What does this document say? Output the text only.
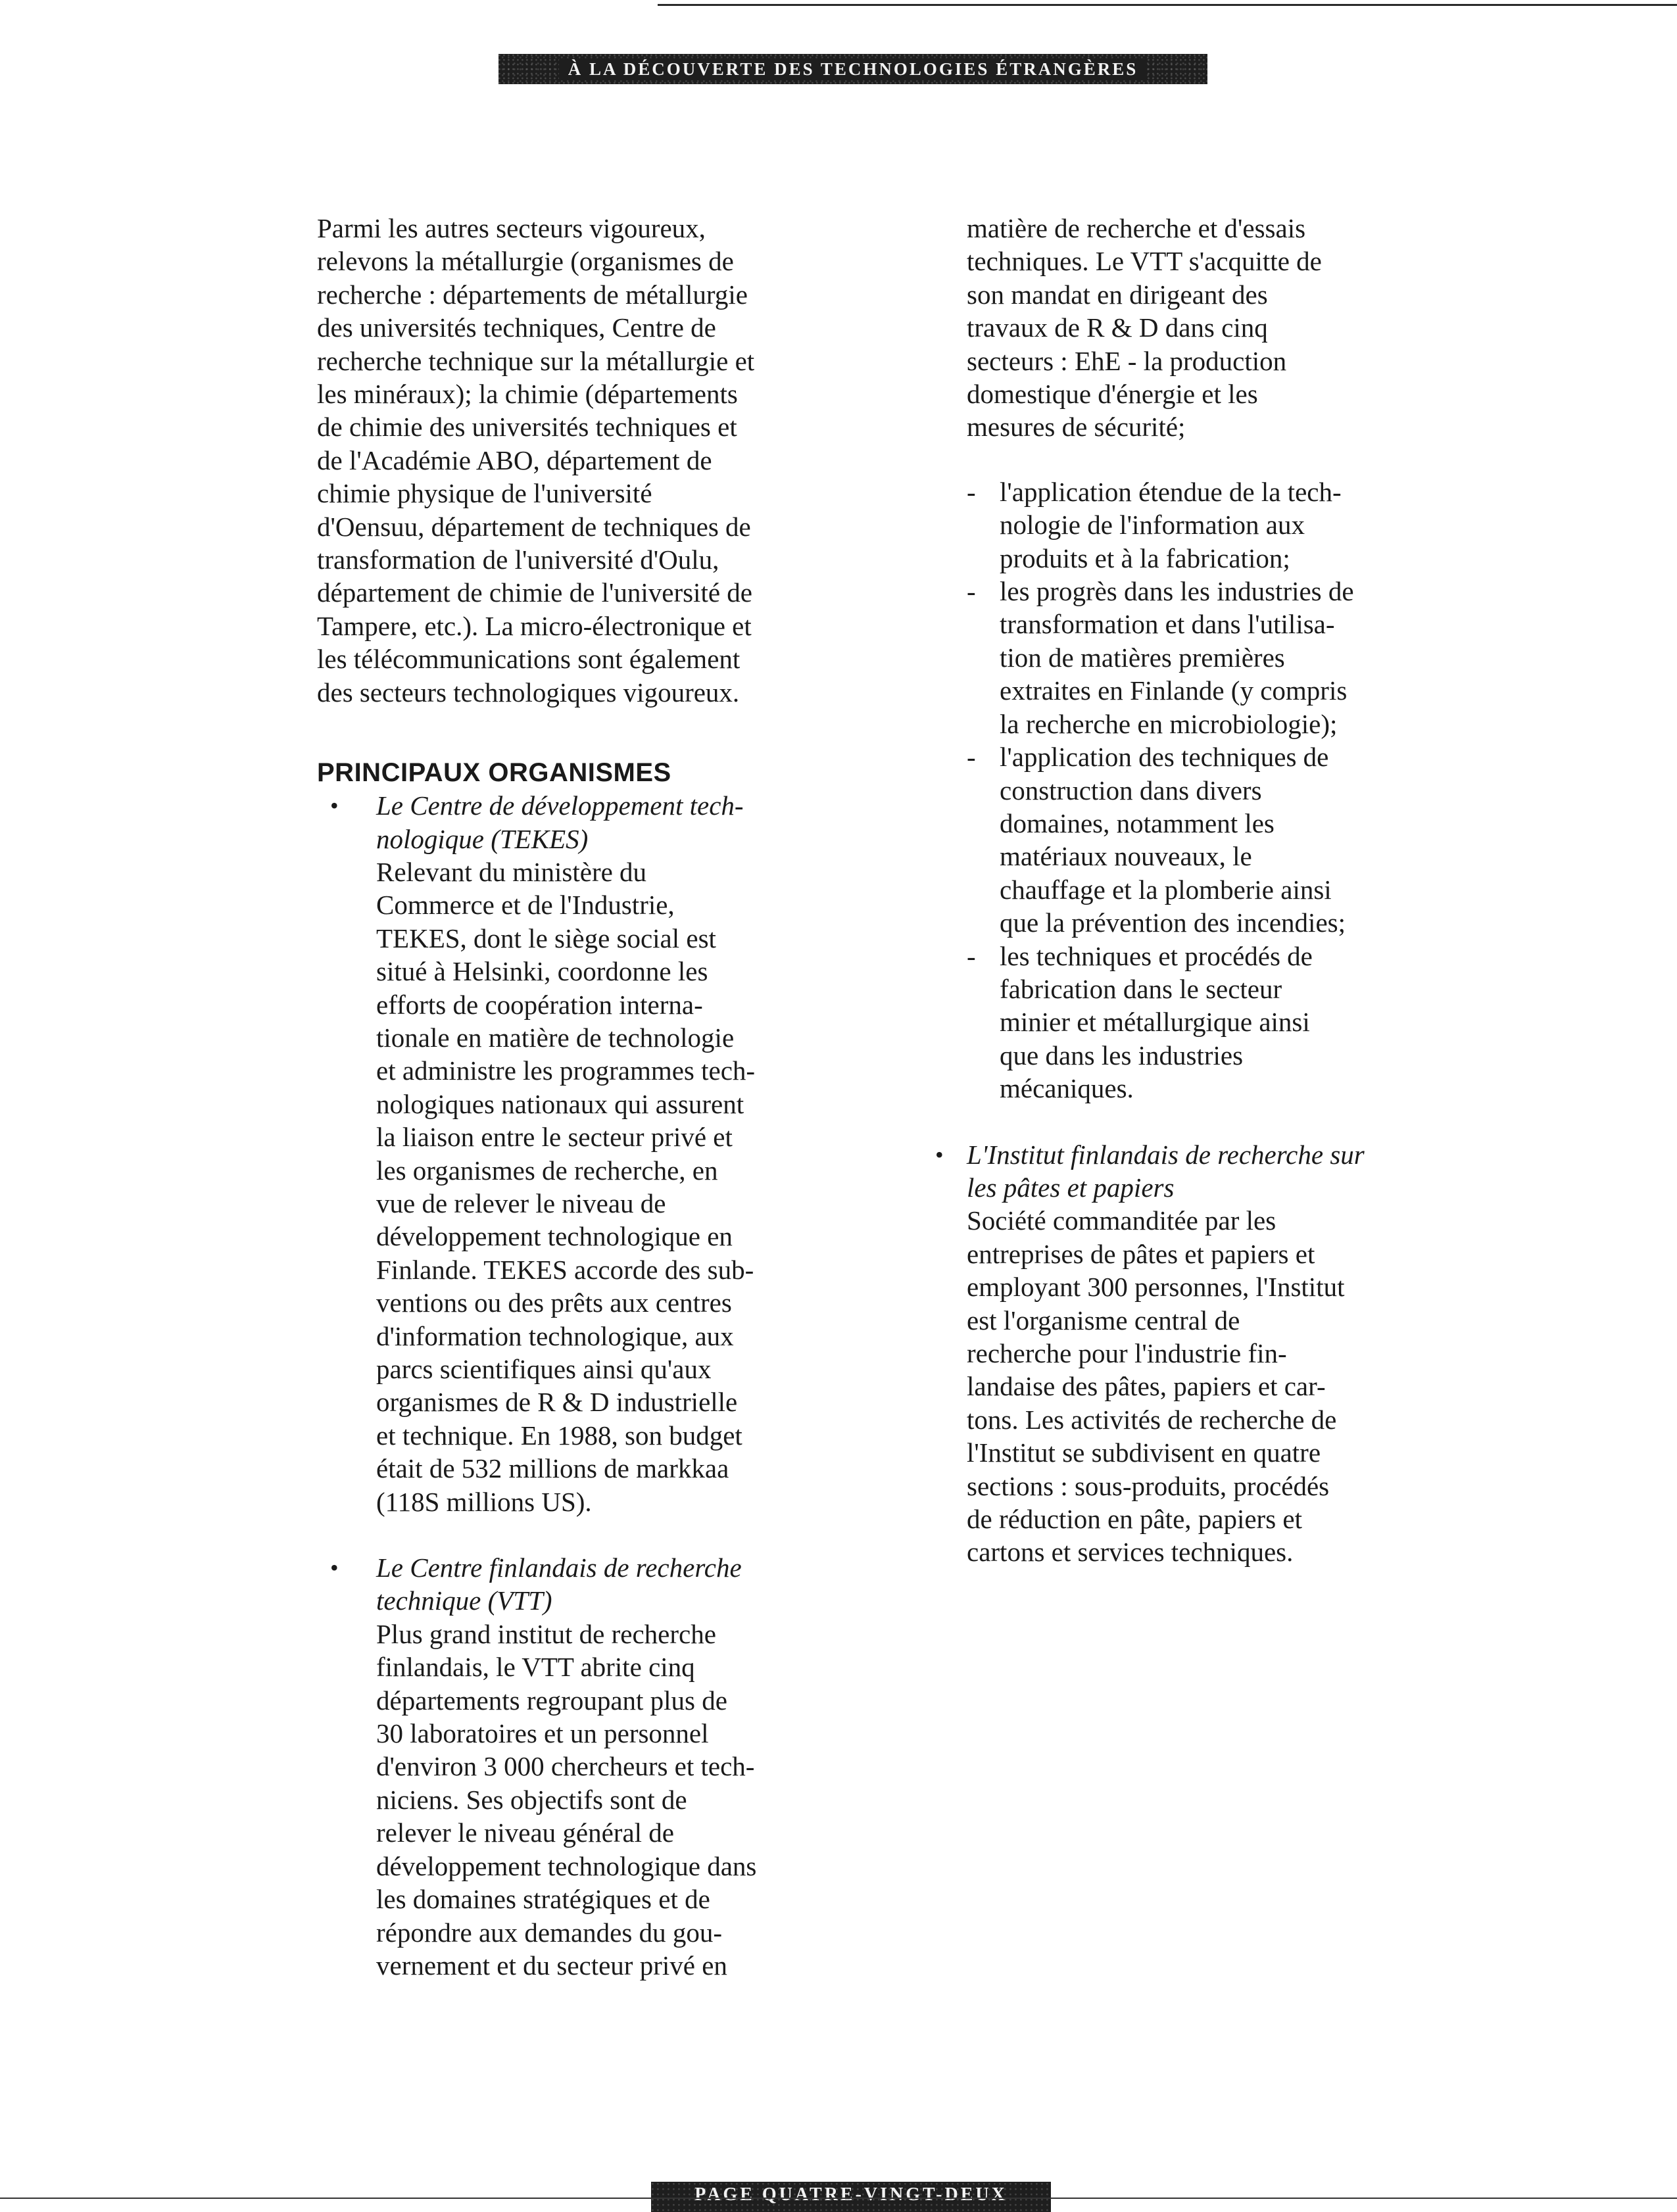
À LA DÉCOUVERTE DES TECHNOLOGIES ÉTRANGÈRES

Parmi les autres secteurs vigoureux,

relevons la métallurgie (organismes de

recherche : départements de métallurgie

des universités techniques, Centre de

recherche technique sur la métallurgie et

les minéraux); la chimie (départements

de chimie des universités techniques et

de l'Académie ABO, département de

chimie physique de l'université

d'Oensuu, département de techniques de

transformation de l'université d'Oulu,

département de chimie de l'université de

Tampere, etc.). La micro-électronique et

les télécommunications sont également

des secteurs technologiques vigoureux.

PRINCIPAUX ORGANISMES

• Le Centre de développement tech-

nologique (TEKES)

Relevant du ministère du

Commerce et de l'Industrie,

TEKES, dont le siège social est

situé à Helsinki, coordonne les

efforts de coopération interna-

tionale en matière de technologie

et administre les programmes tech-

nologiques nationaux qui assurent

la liaison entre le secteur privé et

les organismes de recherche, en

vue de relever le niveau de

développement technologique en

Finlande. TEKES accorde des sub-

ventions ou des prêts aux centres

d'information technologique, aux

parcs scientifiques ainsi qu'aux

organismes de R & D industrielle

et technique. En 1988, son budget

était de 532 millions de markkaa

(118S millions US).

• Le Centre finlandais de recherche

technique (VTT)

Plus grand institut de recherche

finlandais, le VTT abrite cinq

départements regroupant plus de

30 laboratoires et un personnel

d'environ 3 000 chercheurs et tech-

niciens. Ses objectifs sont de

relever le niveau général de

développement technologique dans

les domaines stratégiques et de

répondre aux demandes du gou-

vernement et du secteur privé en

matière de recherche et d'essais

techniques. Le VTT s'acquitte de

son mandat en dirigeant des

travaux de R & D dans cinq

secteurs : EhE - la production

domestique d'énergie et les

mesures de sécurité;

- l'application étendue de la tech-

nologie de l'information aux

produits et à la fabrication;

- les progrès dans les industries de

transformation et dans l'utilisa-

tion de matières premières

extraites en Finlande (y compris

la recherche en microbiologie);

- l'application des techniques de

construction dans divers

domaines, notamment les

matériaux nouveaux, le

chauffage et la plomberie ainsi

que la prévention des incendies;

- les techniques et procédés de

fabrication dans le secteur

minier et métallurgique ainsi

que dans les industries

mécaniques.

• L'Institut finlandais de recherche sur

les pâtes et papiers

Société commanditée par les

entreprises de pâtes et papiers et

employant 300 personnes, l'Institut

est l'organisme central de

recherche pour l'industrie fin-

landaise des pâtes, papiers et car-

tons. Les activités de recherche de

l'Institut se subdivisent en quatre

sections : sous-produits, procédés

de réduction en pâte, papiers et

cartons et services techniques.

PAGE QUATRE-VINGT-DEUX
